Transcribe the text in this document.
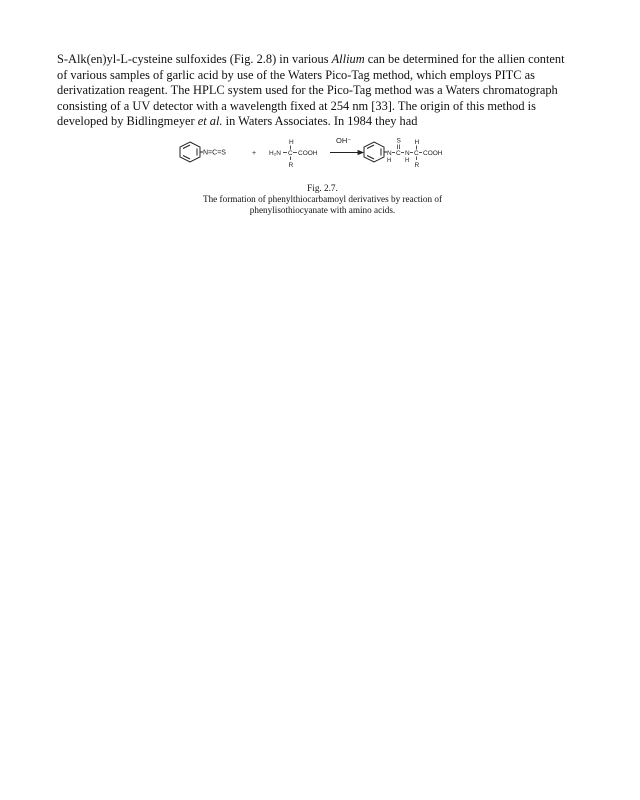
S-Alk(en)yl-L-cysteine sulfoxides (Fig. 2.8) in various Allium can be determined for the allien content
of various samples of garlic acid by use of the Waters Pico-Tag method, which employs PITC as
derivatization reagent. The HPLC system used for the Pico-Tag method was a Waters chromatograph
consisting of a UV detector with a wavelength fixed at 254 nm [33]. The origin of this method is
developed by Bidlingmeyer et al. in Waters Associates. In 1984 they had

N=C=S	+
H
H₂N C COOH
R
OH⁻
N
H
C
S
N
H
C
H
R
COOH
Fig. 2.7.
The formation of phenylthiocarbamoyl derivatives by reaction of
phenylisothiocyanate with amino acids.
